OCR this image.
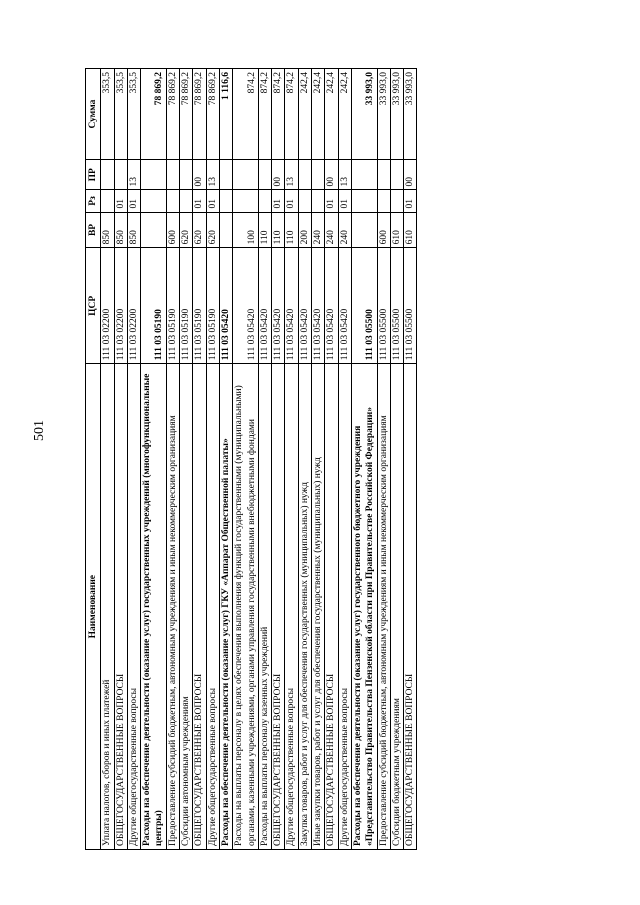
501
Наименование	ЦСР	ВР	Рз	ПР	Сумма
Уплата налогов, сборов и иных платежей	111 03 02200	850			353,5
ОБЩЕГОСУДАРСТВЕННЫЕ ВОПРОСЫ	111 03 02200	850	01		353,5
Другие общегосударственные вопросы	111 03 02200	850	01	13	353,5
Расходы на обеспечение деятельности (оказание услуг) государственных учреждений (многофункциональные центры)	111 03 05190				78 869,2
Предоставление субсидий бюджетным, автономным учреждениям и иным некоммерческим организациям	111 03 05190	600			78 869,2
Субсидии автономным учреждениям	111 03 05190	620			78 869,2
ОБЩЕГОСУДАРСТВЕННЫЕ ВОПРОСЫ	111 03 05190	620	01	00	78 869,2
Другие общегосударственные вопросы	111 03 05190	620	01	13	78 869,2
Расходы на обеспечение деятельности (оказание услуг) ГКУ «Аппарат Общественной палаты»	111 03 05420				1 116,6
Расходы на выплаты персоналу в целях обеспечения выполнения функций государственными (муниципальными) органами, казенными учреждениями, органами управления государственными внебюджетными фондами	111 03 05420	100			874,2
Расходы на выплаты персоналу казенных учреждений	111 03 05420	110			874,2
ОБЩЕГОСУДАРСТВЕННЫЕ ВОПРОСЫ	111 03 05420	110	01	00	874,2
Другие общегосударственные вопросы	111 03 05420	110	01	13	874,2
Закупка товаров, работ и услуг для обеспечения государственных (муниципальных) нужд	111 03 05420	200			242,4
Иные закупки товаров, работ и услуг для обеспечения государственных (муниципальных) нужд	111 03 05420	240			242,4
ОБЩЕГОСУДАРСТВЕННЫЕ ВОПРОСЫ	111 03 05420	240	01	00	242,4
Другие общегосударственные вопросы	111 03 05420	240	01	13	242,4
Расходы на обеспечение деятельности (оказание услуг) государственного бюджетного учреждения «Представительство Правительства Пензенской области при Правительстве Российской Федерации»	111 03 05500				33 993,0
Предоставление субсидий бюджетным, автономным учреждениям и иным некоммерческим организациям	111 03 05500	600			33 993,0
Субсидии бюджетным учреждениям	111 03 05500	610			33 993,0
ОБЩЕГОСУДАРСТВЕННЫЕ ВОПРОСЫ	111 03 05500	610	01	00	33 993,0
